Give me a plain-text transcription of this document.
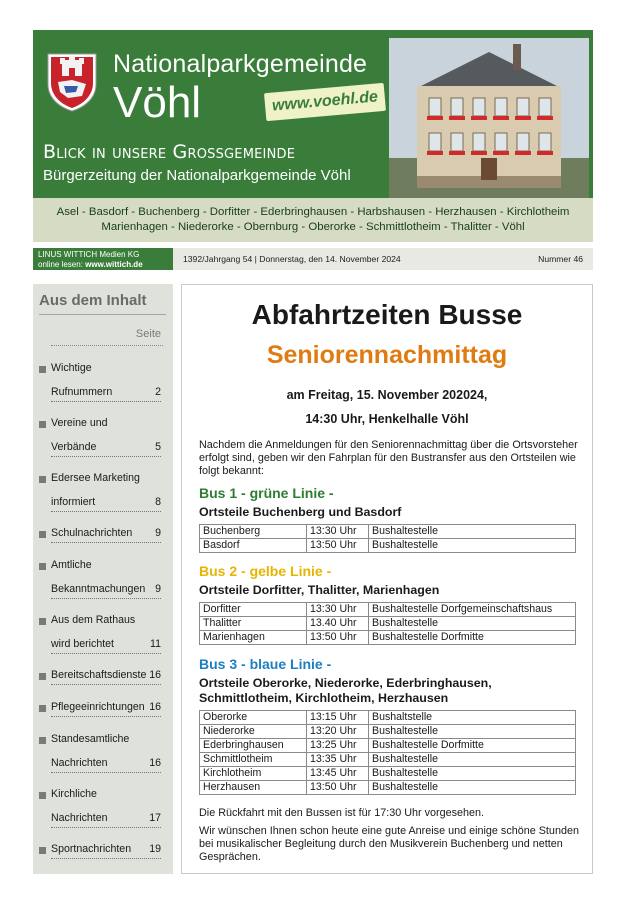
Nationalparkgemeinde
Vöhl	www.voehl.de
Blick in unsere Grossgemeinde
Bürgerzeitung der Nationalparkgemeinde Vöhl
Asel - Basdorf - Buchenberg - Dorfitter - Ederbringhausen - Harbshausen - Herzhausen - Kirchlotheim
Marienhagen - Niederorke - Obernburg - Oberorke - Schmittlotheim - Thalitter - Vöhl
LINUS WITTICH Medien KG
online lesen: www.wittich.de
1392/Jahrgang 54 | Donnerstag, den 14. November 2024	Nummer 46
Aus dem Inhalt
Seite
Wichtige
Rufnummern	2
Vereine und
Verbände	5
Edersee Marketing
informiert	8
Schulnachrichten	9
Amtliche
Bekanntmachungen 9
Aus dem Rathaus
wird berichtet	11
Bereitschaftsdienste 16
Pflegeeinrichtungen 16
Standesamtliche
Nachrichten	16
Kirchliche
Nachrichten	17
Sportnachrichten	19
Abfahrtzeiten Busse
Seniorennachmittag
am Freitag, 15. November 202024,
14:30 Uhr, Henkelhalle Vöhl
Nachdem die Anmeldungen für den Seniorennachmittag über die Ortsvorsteher erfolgt sind, geben wir den Fahrplan für den Bustransfer aus den Ortsteilen wie folgt bekannt:
Bus 1 - grüne Linie -
Ortsteile Buchenberg und Basdorf
Buchenberg	13:30 Uhr	Bushaltestelle
Basdorf	13:50 Uhr	Bushaltestelle
Bus 2 - gelbe Linie -
Ortsteile Dorfitter, Thalitter, Marienhagen
Dorfitter	13:30 Uhr	Bushaltestelle Dorfgemeinschaftshaus
Thalitter	13.40 Uhr	Bushaltestelle
Marienhagen	13:50 Uhr	Bushaltestelle Dorfmitte
Bus 3 - blaue Linie -
Ortsteile Oberorke, Niederorke, Ederbringhausen, Schmittlotheim, Kirchlotheim, Herzhausen
Oberorke	13:15 Uhr	Bushaltstelle
Niederorke	13:20 Uhr	Bushaltestelle
Ederbringhausen	13:25 Uhr	Bushaltestelle Dorfmitte
Schmittlotheim	13:35 Uhr	Bushaltestelle
Kirchlotheim	13:45 Uhr	Bushaltestelle
Herzhausen	13:50 Uhr	Bushaltestelle
Die Rückfahrt mit den Bussen ist für 17:30 Uhr vorgesehen.
Wir wünschen Ihnen schon heute eine gute Anreise und einige schöne Stunden bei musikalischer Begleitung durch den Musikverein Buchenberg und netten Gesprächen.
